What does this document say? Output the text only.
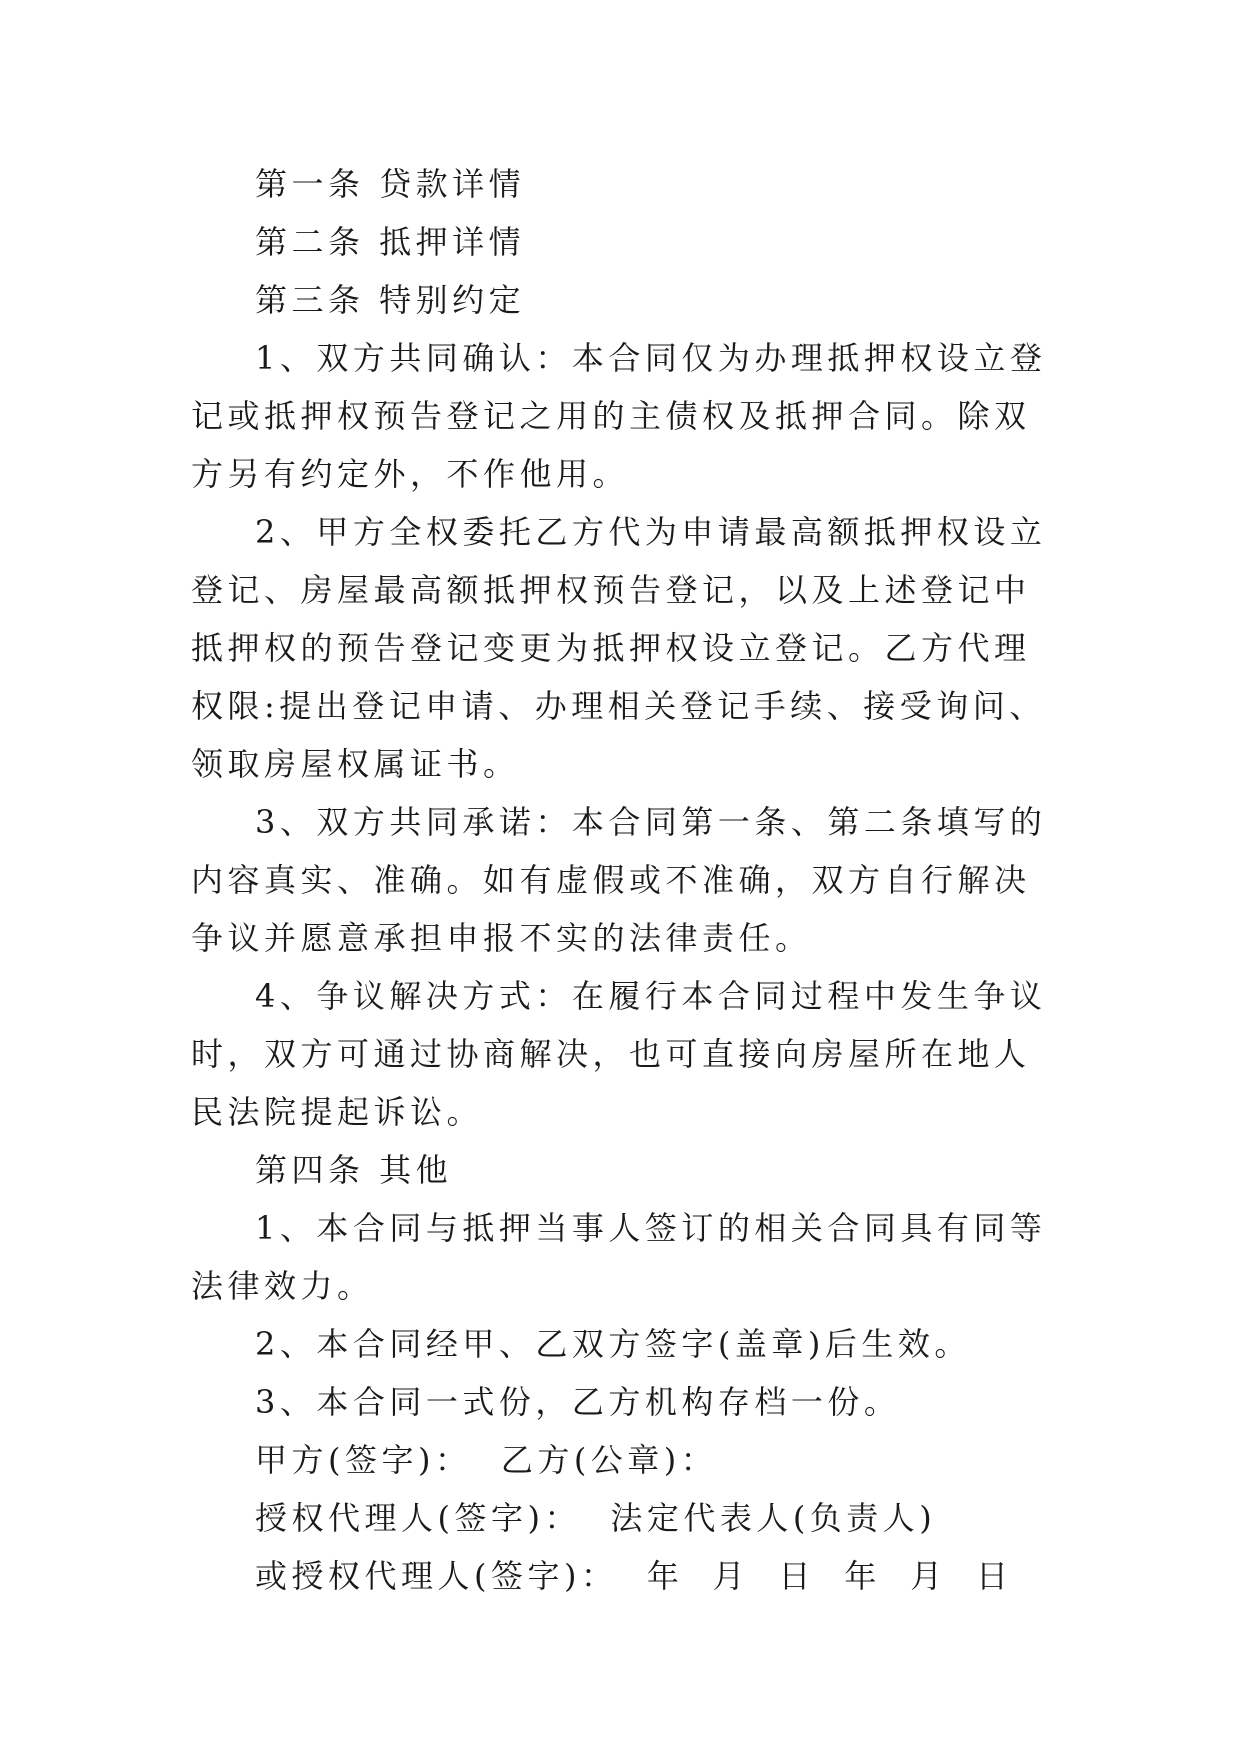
第一条 贷款详情

第二条 抵押详情

第三条 特别约定

1、双方共同确认：本合同仅为办理抵押权设立登记或抵押权预告登记之用的主债权及抵押合同。除双方另有约定外，不作他用。

2、甲方全权委托乙方代为申请最高额抵押权设立登记、房屋最高额抵押权预告登记，以及上述登记中抵押权的预告登记变更为抵押权设立登记。乙方代理权限:提出登记申请、办理相关登记手续、接受询问、领取房屋权属证书。

3、双方共同承诺：本合同第一条、第二条填写的内容真实、准确。如有虚假或不准确，双方自行解决争议并愿意承担申报不实的法律责任。

4、争议解决方式：在履行本合同过程中发生争议时，双方可通过协商解决，也可直接向房屋所在地人民法院提起诉讼。

第四条 其他

1、本合同与抵押当事人签订的相关合同具有同等法律效力。

2、本合同经甲、乙双方签字(盖章)后生效。

3、本合同一式份，乙方机构存档一份。

甲方(签字)：  乙方(公章)：

授权代理人(签字)：  法定代表人(负责人)

或授权代理人(签字)：  年  月  日  年  月  日
